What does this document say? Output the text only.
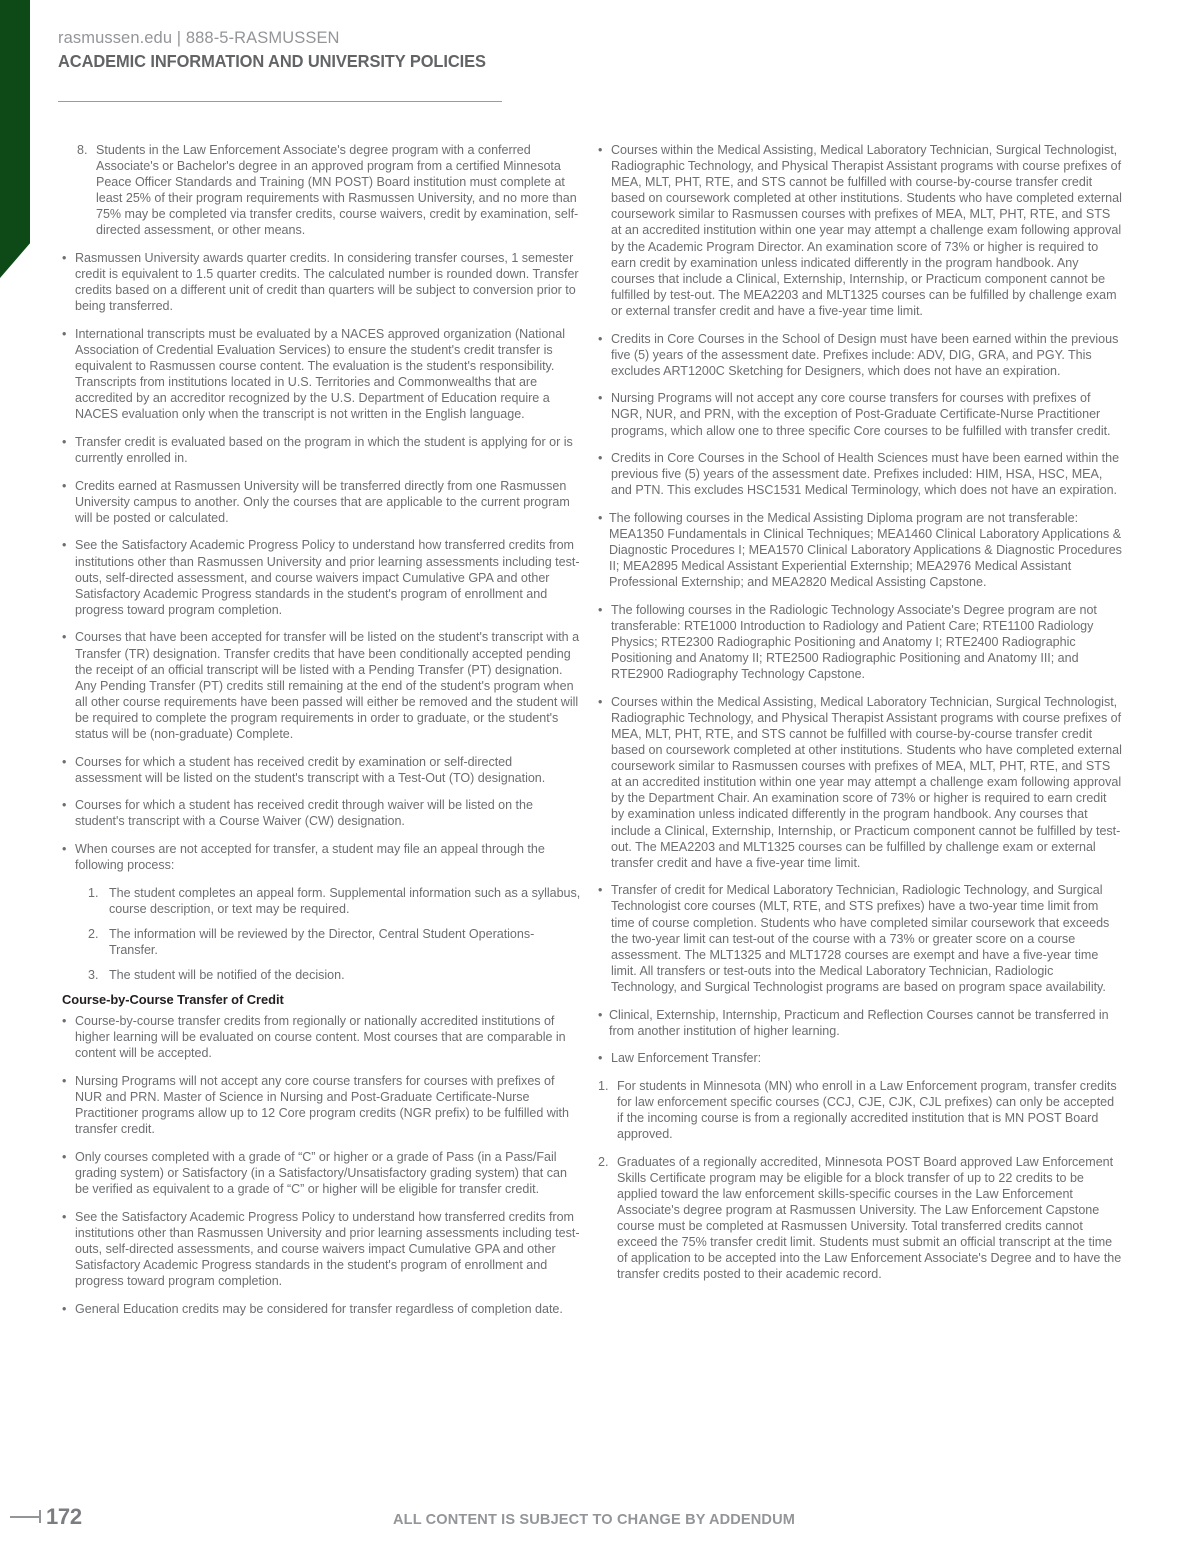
rasmussen.edu | 888-5-RASMUSSEN
ACADEMIC INFORMATION AND UNIVERSITY POLICIES
8. Students in the Law Enforcement Associate's degree program with a conferred Associate's or Bachelor's degree in an approved program from a certified Minnesota Peace Officer Standards and Training (MN POST) Board institution must complete at least 25% of their program requirements with Rasmussen University, and no more than 75% may be completed via transfer credits, course waivers, credit by examination, self-directed assessment, or other means.
• Rasmussen University awards quarter credits. In considering transfer courses, 1 semester credit is equivalent to 1.5 quarter credits. The calculated number is rounded down. Transfer credits based on a different unit of credit than quarters will be subject to conversion prior to being transferred.
• International transcripts must be evaluated by a NACES approved organization (National Association of Credential Evaluation Services) to ensure the student's credit transfer is equivalent to Rasmussen course content. The evaluation is the student's responsibility. Transcripts from institutions located in U.S. Territories and Commonwealths that are accredited by an accreditor recognized by the U.S. Department of Education require a NACES evaluation only when the transcript is not written in the English language.
• Transfer credit is evaluated based on the program in which the student is applying for or is currently enrolled in.
• Credits earned at Rasmussen University will be transferred directly from one Rasmussen University campus to another. Only the courses that are applicable to the current program will be posted or calculated.
• See the Satisfactory Academic Progress Policy to understand how transferred credits from institutions other than Rasmussen University and prior learning assessments including test-outs, self-directed assessment, and course waivers impact Cumulative GPA and other Satisfactory Academic Progress standards in the student's program of enrollment and progress toward program completion.
• Courses that have been accepted for transfer will be listed on the student's transcript with a Transfer (TR) designation. Transfer credits that have been conditionally accepted pending the receipt of an official transcript will be listed with a Pending Transfer (PT) designation. Any Pending Transfer (PT) credits still remaining at the end of the student's program when all other course requirements have been passed will either be removed and the student will be required to complete the program requirements in order to graduate, or the student's status will be (non-graduate) Complete.
• Courses for which a student has received credit by examination or self-directed assessment will be listed on the student's transcript with a Test-Out (TO) designation.
• Courses for which a student has received credit through waiver will be listed on the student's transcript with a Course Waiver (CW) designation.
• When courses are not accepted for transfer, a student may file an appeal through the following process:
1. The student completes an appeal form. Supplemental information such as a syllabus, course description, or text may be required.
2. The information will be reviewed by the Director, Central Student Operations-Transfer.
3. The student will be notified of the decision.
Course-by-Course Transfer of Credit
• Course-by-course transfer credits from regionally or nationally accredited institutions of higher learning will be evaluated on course content. Most courses that are comparable in content will be accepted.
• Nursing Programs will not accept any core course transfers for courses with prefixes of NUR and PRN. Master of Science in Nursing and Post-Graduate Certificate-Nurse Practitioner programs allow up to 12 Core program credits (NGR prefix) to be fulfilled with transfer credit.
• Only courses completed with a grade of “C” or higher or a grade of Pass (in a Pass/Fail grading system) or Satisfactory (in a Satisfactory/Unsatisfactory grading system) that can be verified as equivalent to a grade of “C” or higher will be eligible for transfer credit.
• See the Satisfactory Academic Progress Policy to understand how transferred credits from institutions other than Rasmussen University and prior learning assessments including test-outs, self-directed assessments, and course waivers impact Cumulative GPA and other Satisfactory Academic Progress standards in the student's program of enrollment and progress toward program completion.
• General Education credits may be considered for transfer regardless of completion date.
• Courses within the Medical Assisting, Medical Laboratory Technician, Surgical Technologist, Radiographic Technology, and Physical Therapist Assistant programs with course prefixes of MEA, MLT, PHT, RTE, and STS cannot be fulfilled with course-by-course transfer credit based on coursework completed at other institutions. Students who have completed external coursework similar to Rasmussen courses with prefixes of MEA, MLT, PHT, RTE, and STS at an accredited institution within one year may attempt a challenge exam following approval by the Academic Program Director. An examination score of 73% or higher is required to earn credit by examination unless indicated differently in the program handbook. Any courses that include a Clinical, Externship, Internship, or Practicum component cannot be fulfilled by test-out. The MEA2203 and MLT1325 courses can be fulfilled by challenge exam or external transfer credit and have a five-year time limit.
• Credits in Core Courses in the School of Design must have been earned within the previous five (5) years of the assessment date. Prefixes include: ADV, DIG, GRA, and PGY. This excludes ART1200C Sketching for Designers, which does not have an expiration.
• Nursing Programs will not accept any core course transfers for courses with prefixes of NGR, NUR, and PRN, with the exception of Post-Graduate Certificate-Nurse Practitioner programs, which allow one to three specific Core courses to be fulfilled with transfer credit.
• Credits in Core Courses in the School of Health Sciences must have been earned within the previous five (5) years of the assessment date. Prefixes included: HIM, HSA, HSC, MEA, and PTN. This excludes HSC1531 Medical Terminology, which does not have an expiration.
• The following courses in the Medical Assisting Diploma program are not transferable: MEA1350 Fundamentals in Clinical Techniques; MEA1460 Clinical Laboratory Applications & Diagnostic Procedures I; MEA1570 Clinical Laboratory Applications & Diagnostic Procedures II; MEA2895 Medical Assistant Experiential Externship; MEA2976 Medical Assistant Professional Externship; and MEA2820 Medical Assisting Capstone.
• The following courses in the Radiologic Technology Associate's Degree program are not transferable: RTE1000 Introduction to Radiology and Patient Care; RTE1100 Radiology Physics; RTE2300 Radiographic Positioning and Anatomy I; RTE2400 Radiographic Positioning and Anatomy II; RTE2500 Radiographic Positioning and Anatomy III; and RTE2900 Radiography Technology Capstone.
• Courses within the Medical Assisting, Medical Laboratory Technician, Surgical Technologist, Radiographic Technology, and Physical Therapist Assistant programs with course prefixes of MEA, MLT, PHT, RTE, and STS cannot be fulfilled with course-by-course transfer credit based on coursework completed at other institutions. Students who have completed external coursework similar to Rasmussen courses with prefixes of MEA, MLT, PHT, RTE, and STS at an accredited institution within one year may attempt a challenge exam following approval by the Department Chair. An examination score of 73% or higher is required to earn credit by examination unless indicated differently in the program handbook. Any courses that include a Clinical, Externship, Internship, or Practicum component cannot be fulfilled by test-out. The MEA2203 and MLT1325 courses can be fulfilled by challenge exam or external transfer credit and have a five-year time limit.
• Transfer of credit for Medical Laboratory Technician, Radiologic Technology, and Surgical Technologist core courses (MLT, RTE, and STS prefixes) have a two-year time limit from time of course completion. Students who have completed similar coursework that exceeds the two-year limit can test-out of the course with a 73% or greater score on a course assessment. The MLT1325 and MLT1728 courses are exempt and have a five-year time limit. All transfers or test-outs into the Medical Laboratory Technician, Radiologic Technology, and Surgical Technologist programs are based on program space availability.
• Clinical, Externship, Internship, Practicum and Reflection Courses cannot be transferred in from another institution of higher learning.
• Law Enforcement Transfer:
1. For students in Minnesota (MN) who enroll in a Law Enforcement program, transfer credits for law enforcement specific courses (CCJ, CJE, CJK, CJL prefixes) can only be accepted if the incoming course is from a regionally accredited institution that is MN POST Board approved.
2. Graduates of a regionally accredited, Minnesota POST Board approved Law Enforcement Skills Certificate program may be eligible for a block transfer of up to 22 credits to be applied toward the law enforcement skills-specific courses in the Law Enforcement Associate's degree program at Rasmussen University. The Law Enforcement Capstone course must be completed at Rasmussen University. Total transferred credits cannot exceed the 75% transfer credit limit. Students must submit an official transcript at the time of application to be accepted into the Law Enforcement Associate's Degree and to have the transfer credits posted to their academic record.
172	ALL CONTENT IS SUBJECT TO CHANGE BY ADDENDUM
